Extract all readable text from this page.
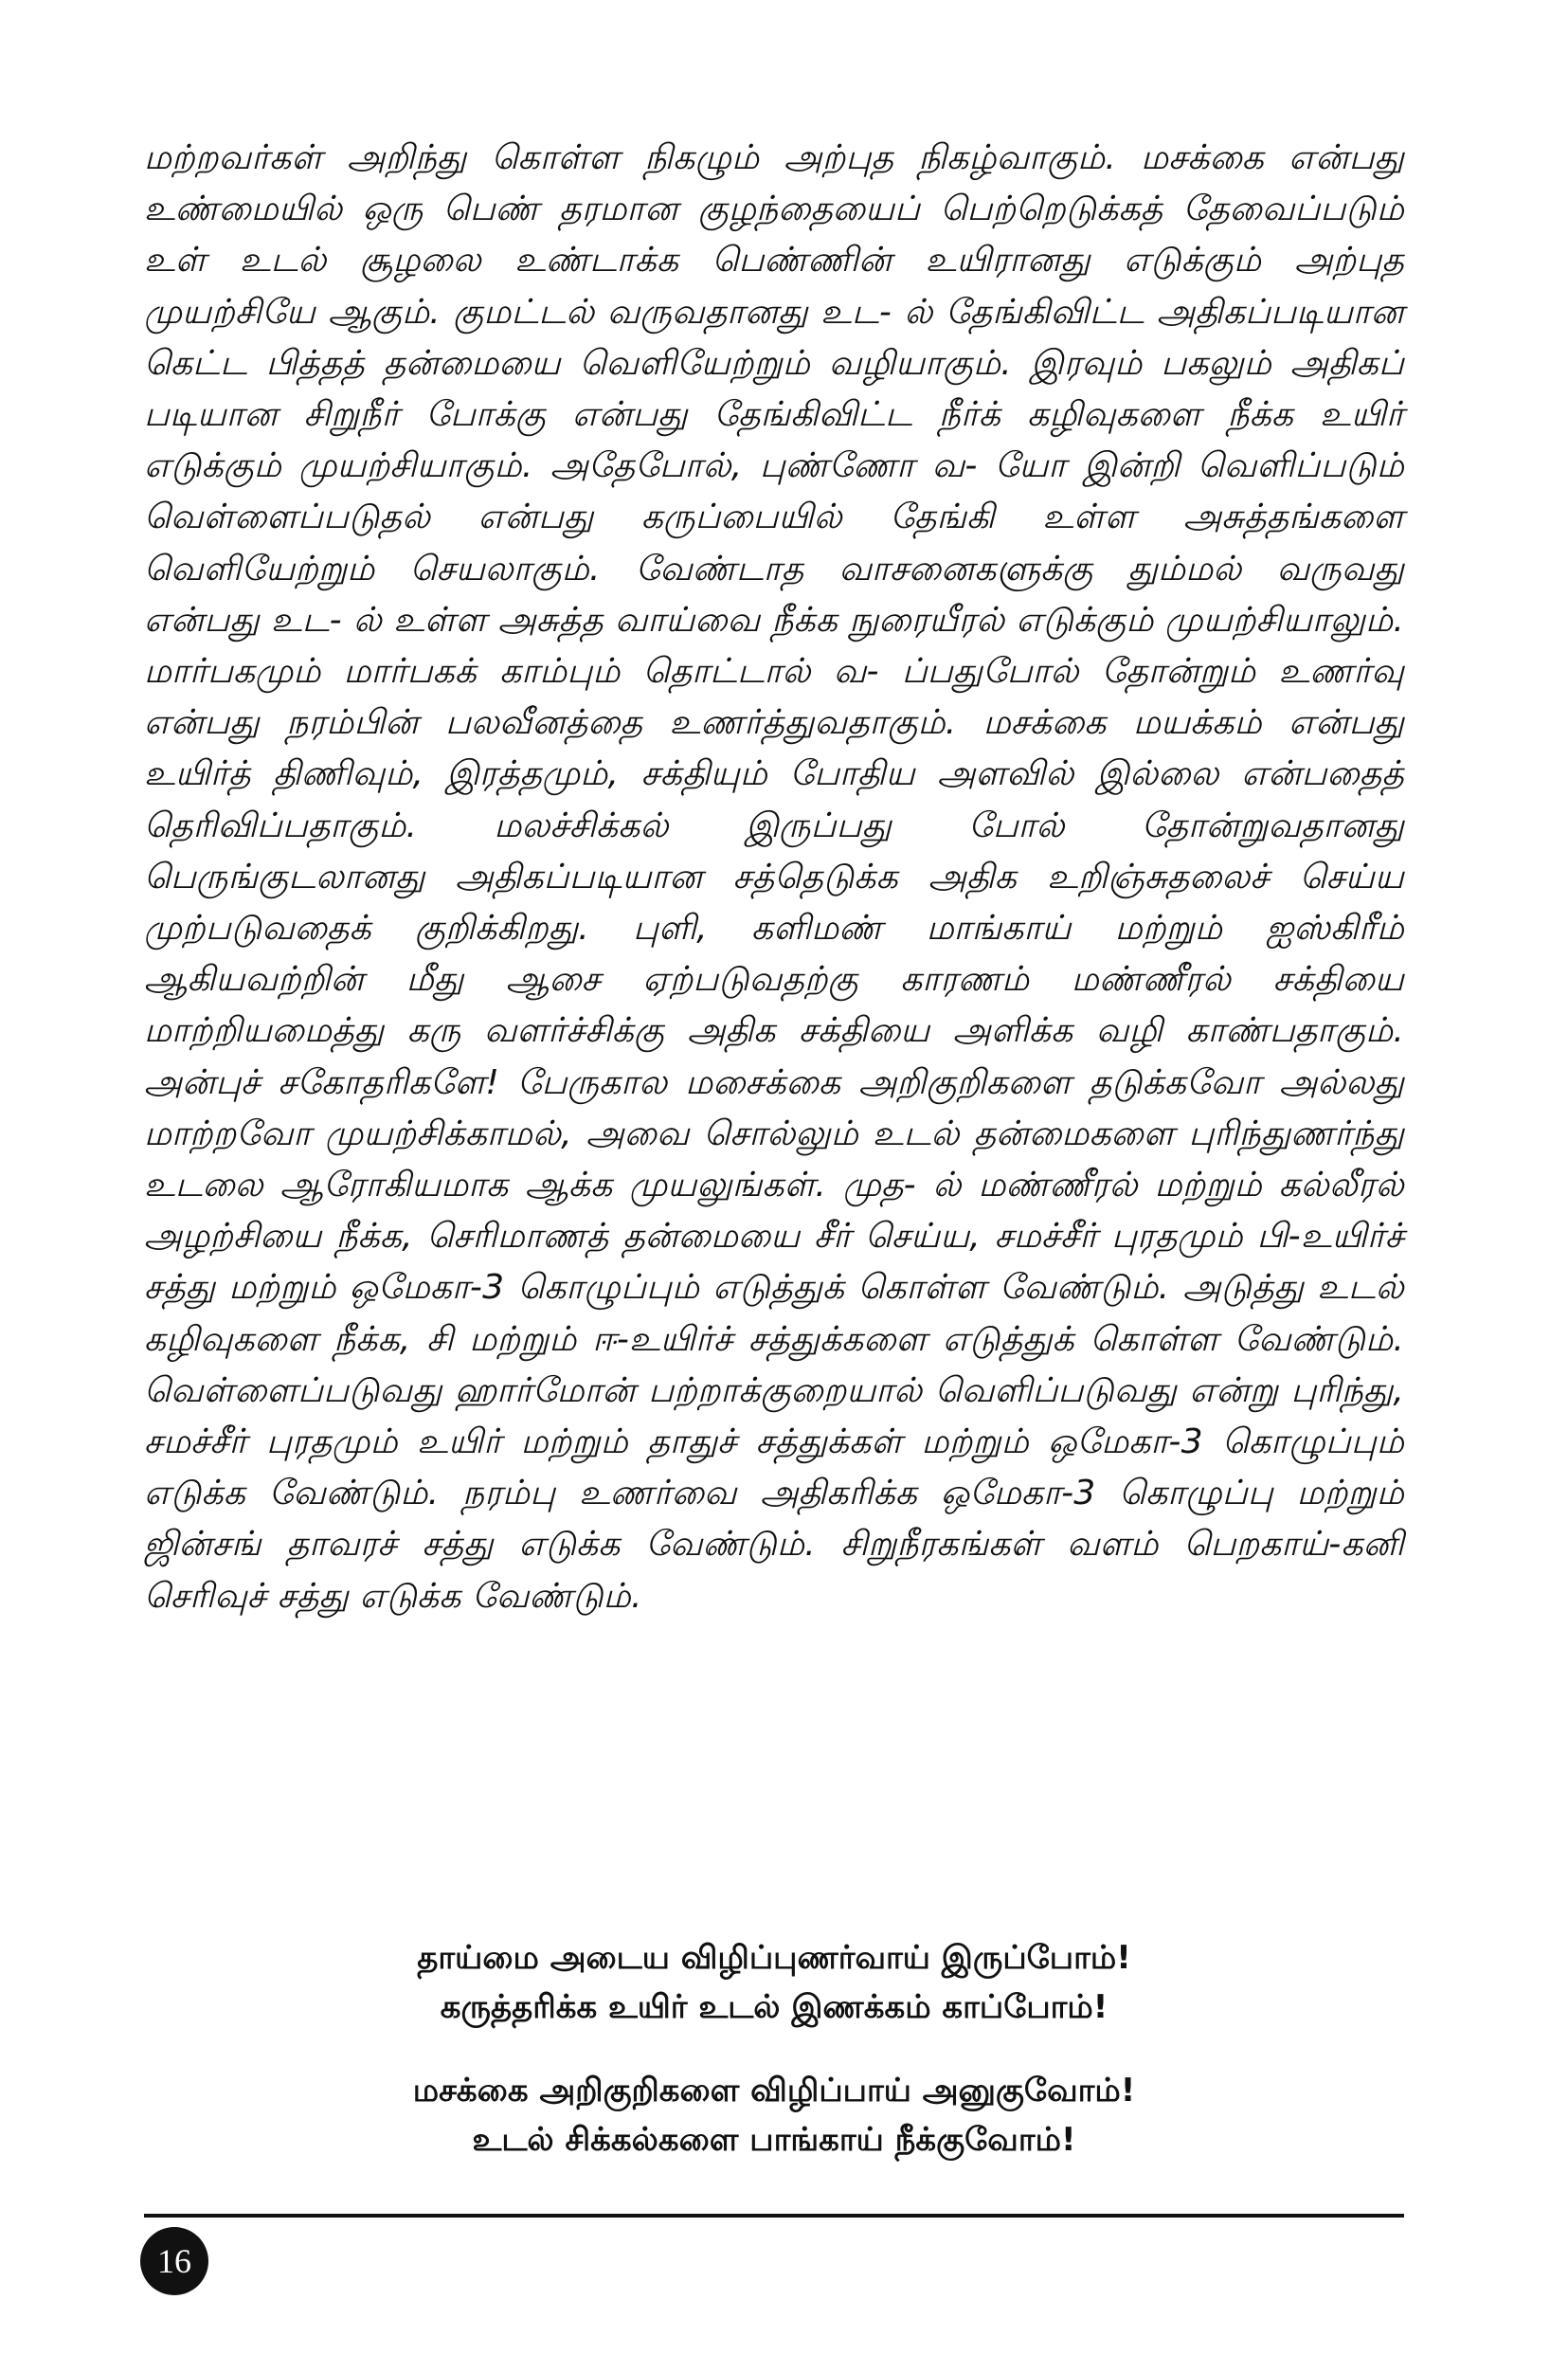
மற்றவர்கள் அறிந்து கொள்ள நிகழும் அற்புத நிகழ்வாகும். மசக்கை என்பது உண்மையில் ஒரு பெண் தரமான குழந்தையைப் பெற்றெடுக்கத் தேவைப்படும் உள் உடல் சூழலை உண்டாக்க பெண்ணின் உயிரானது எடுக்கும் அற்புத முயற்சியே ஆகும். குமட்டல் வருவதானது உட- ல் தேங்கிவிட்ட அதிகப்படியான கெட்ட பித்தத் தன்மையை வெளியேற்றும் வழியாகும். இரவும் பகலும் அதிகப் படியான சிறுநீர் போக்கு என்பது தேங்கிவிட்ட நீர்க் கழிவுகளை நீக்க உயிர் எடுக்கும் முயற்சியாகும். அதேபோல், புண்ணோ வ- யோ இன்றி வெளிப்படும் வெள்ளைப்படுதல் என்பது கருப்பையில் தேங்கி உள்ள அசுத்தங்களை வெளியேற்றும் செயலாகும். வேண்டாத வாசனைகளுக்கு தும்மல் வருவது என்பது உட- ல் உள்ள அசுத்த வாய்வை நீக்க நுரையீரல் எடுக்கும் முயற்சியாலும். மார்பகமும் மார்பகக் காம்பும் தொட்டால் வ- ப்பதுபோல் தோன்றும் உணர்வு என்பது நரம்பின் பலவீனத்தை உணர்த்துவதாகும். மசக்கை மயக்கம் என்பது உயிர்த் திணிவும், இரத்தமும், சக்தியும் போதிய அளவில் இல்லை என்பதைத் தெரிவிப்பதாகும். மலச்சிக்கல் இருப்பது போல் தோன்றுவதானது பெருங்குடலானது அதிகப்படியான சத்தெடுக்க அதிக உறிஞ்சுதலைச் செய்ய முற்படுவதைக் குறிக்கிறது. புளி, களிமண் மாங்காய் மற்றும் ஐஸ்கிரீம் ஆகியவற்றின் மீது ஆசை ஏற்படுவதற்கு காரணம் மண்ணீரல் சக்தியை மாற்றியமைத்து கரு வளர்ச்சிக்கு அதிக சக்தியை அளிக்க வழி காண்பதாகும். அன்புச் சகோதரிகளே! பேருகால மசைக்கை அறிகுறிகளை தடுக்கவோ அல்லது மாற்றவோ முயற்சிக்காமல், அவை சொல்லும் உடல் தன்மைகளை புரிந்துணர்ந்து உடலை ஆரோகியமாக ஆக்க முயலுங்கள். முத- ல் மண்ணீரல் மற்றும் கல்லீரல் அழற்சியை நீக்க, செரிமாணத் தன்மையை சீர் செய்ய, சமச்சீர் புரதமும் பி-உயிர்ச் சத்து மற்றும் ஒமேகா-3 கொழுப்பும் எடுத்துக் கொள்ள வேண்டும். அடுத்து உடல் கழிவுகளை நீக்க, சி மற்றும் ஈ-உயிர்ச் சத்துக்களை எடுத்துக் கொள்ள வேண்டும். வெள்ளைப்படுவது ஹார்மோன் பற்றாக்குறையால் வெளிப்படுவது என்று புரிந்து, சமச்சீர் புரதமும் உயிர் மற்றும் தாதுச் சத்துக்கள் மற்றும் ஒமேகா-3 கொழுப்பும் எடுக்க வேண்டும். நரம்பு உணர்வை அதிகரிக்க ஒமேகா-3 கொழுப்பு மற்றும் ஜின்சங் தாவரச் சத்து எடுக்க வேண்டும். சிறுநீரகங்கள் வளம் பெறகாய்-கனி செரிவுச் சத்து எடுக்க வேண்டும்.

தாய்மை அடைய விழிப்புணர்வாய் இருப்போம்!
கருத்தரிக்க உயிர் உடல் இணக்கம் காப்போம்!
மசக்கை அறிகுறிகளை விழிப்பாய் அனுகுவோம்!
உடல் சிக்கல்களை பாங்காய் நீக்குவோம்!
16
